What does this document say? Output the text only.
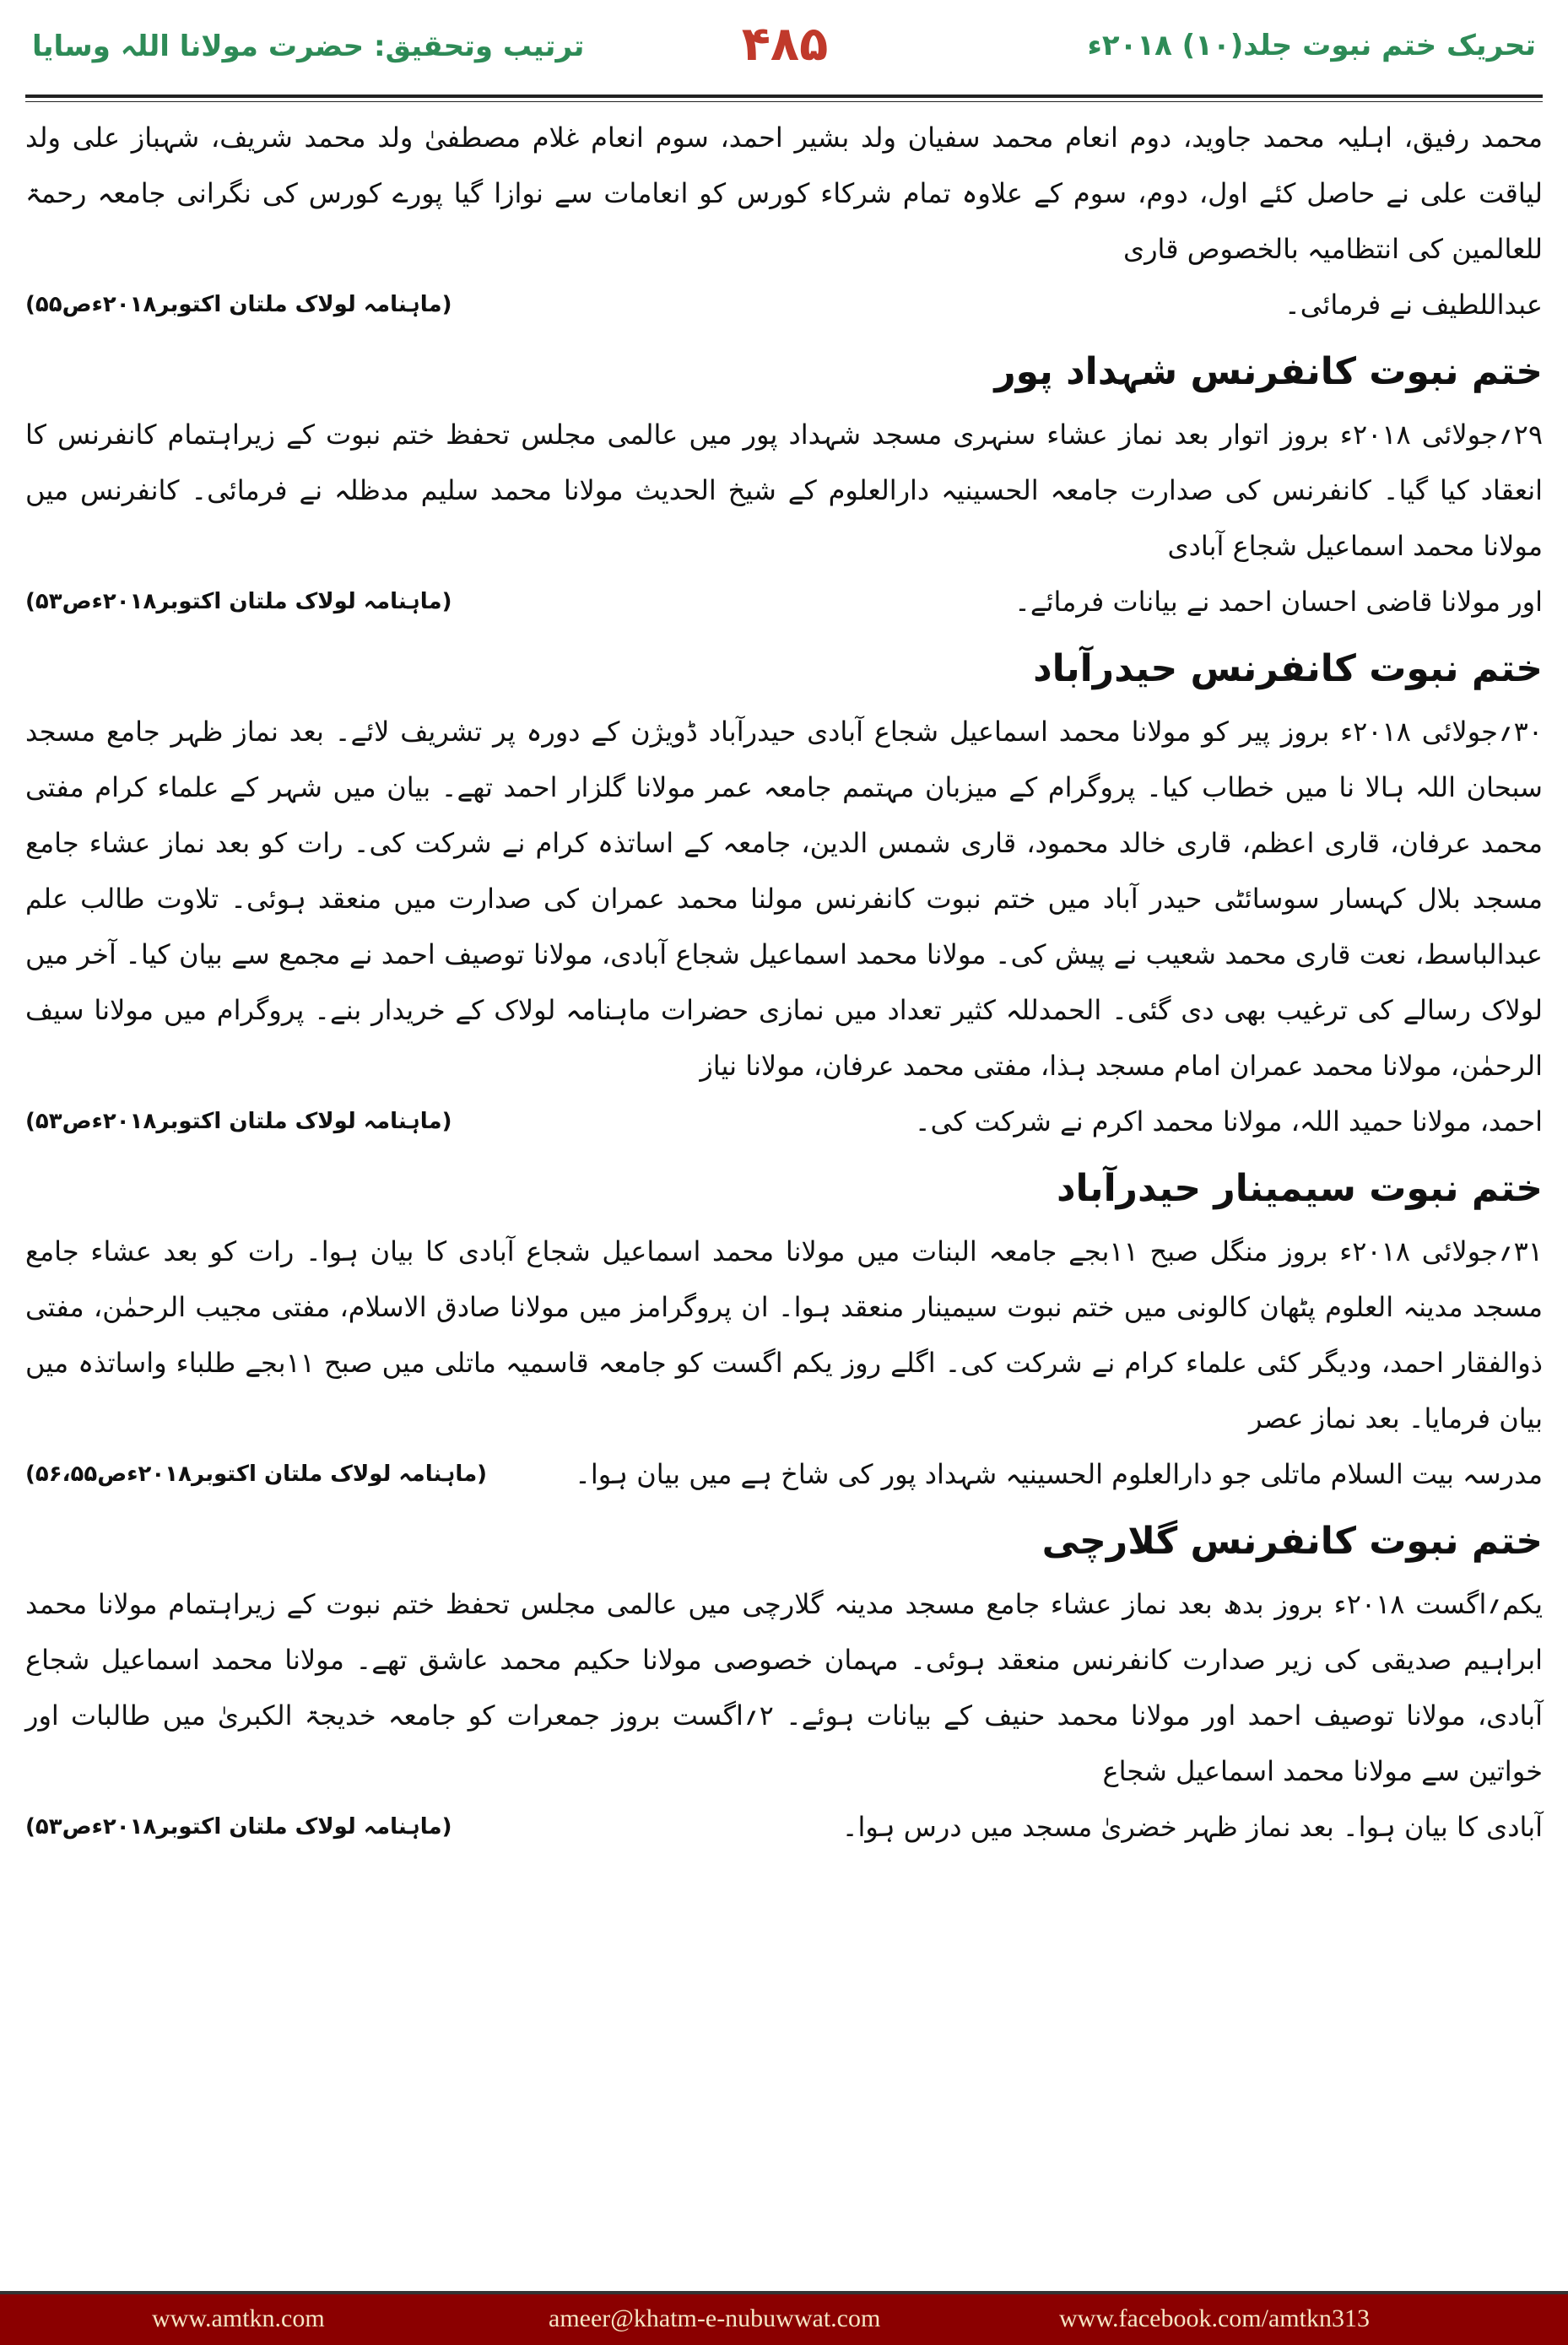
تحریک ختم نبوت جلد(۱۰) ۲۰۱۸ء
۴۸۵
ترتیب وتحقیق: حضرت مولانا اللہ وسایا

محمد رفیق، اہلیہ محمد جاوید، دوم انعام محمد سفیان ولد بشیر احمد، سوم انعام غلام مصطفیٰ ولد محمد شریف، شہباز علی ولد لیاقت علی نے حاصل کئے اول، دوم، سوم کے علاوہ تمام شرکاء کورس کو انعامات سے نوازا گیا پورے کورس کی نگرانی جامعہ رحمۃ للعالمین کی انتظامیہ بالخصوص قاری

عبداللطیف نے فرمائی۔
(ماہنامہ لولاک ملتان اکتوبر۲۰۱۸ءص۵۵)
ختم نبوت کانفرنس شہداد پور

۲۹؍جولائی ۲۰۱۸ء بروز اتوار بعد نماز عشاء سنہری مسجد شہداد پور میں عالمی مجلس تحفظ ختم نبوت کے زیراہتمام کانفرنس کا انعقاد کیا گیا۔ کانفرنس کی صدارت جامعہ الحسینیہ دارالعلوم کے شیخ الحدیث مولانا محمد سلیم مدظلہ نے فرمائی۔ کانفرنس میں مولانا محمد اسماعیل شجاع آبادی

اور مولانا قاضی احسان احمد نے بیانات فرمائے۔
(ماہنامہ لولاک ملتان اکتوبر۲۰۱۸ءص۵۳)
ختم نبوت کانفرنس حیدرآباد

۳۰؍جولائی ۲۰۱۸ء بروز پیر کو مولانا محمد اسماعیل شجاع آبادی حیدرآباد ڈویژن کے دورہ پر تشریف لائے۔ بعد نماز ظہر جامع مسجد سبحان اللہ ہالا نا میں خطاب کیا۔ پروگرام کے میزبان مہتمم جامعہ عمر مولانا گلزار احمد تھے۔ بیان میں شہر کے علماء کرام مفتی محمد عرفان، قاری اعظم، قاری خالد محمود، قاری شمس الدین، جامعہ کے اساتذہ کرام نے شرکت کی۔ رات کو بعد نماز عشاء جامع مسجد بلال کہسار سوسائٹی حیدر آباد میں ختم نبوت کانفرنس مولنا محمد عمران کی صدارت میں منعقد ہوئی۔ تلاوت طالب علم عبدالباسط، نعت قاری محمد شعیب نے پیش کی۔ مولانا محمد اسماعیل شجاع آبادی، مولانا توصیف احمد نے مجمع سے بیان کیا۔ آخر میں لولاک رسالے کی ترغیب بھی دی گئی۔ الحمدللہ کثیر تعداد میں نمازی حضرات ماہنامہ لولاک کے خریدار بنے۔ پروگرام میں مولانا سیف الرحمٰن، مولانا محمد عمران امام مسجد ہذا، مفتی محمد عرفان، مولانا نیاز

احمد، مولانا حمید اللہ، مولانا محمد اکرم نے شرکت کی۔
(ماہنامہ لولاک ملتان اکتوبر۲۰۱۸ءص۵۳)
ختم نبوت سیمینار حیدرآباد

۳۱؍جولائی ۲۰۱۸ء بروز منگل صبح ۱۱بجے جامعہ البنات میں مولانا محمد اسماعیل شجاع آبادی کا بیان ہوا۔ رات کو بعد عشاء جامع مسجد مدینہ العلوم پٹھان کالونی میں ختم نبوت سیمینار منعقد ہوا۔ ان پروگرامز میں مولانا صادق الاسلام، مفتی مجیب الرحمٰن، مفتی ذوالفقار احمد، ودیگر کئی علماء کرام نے شرکت کی۔ اگلے روز یکم اگست کو جامعہ قاسمیہ ماتلی میں صبح ۱۱بجے طلباء واساتذہ میں بیان فرمایا۔ بعد نماز عصر

مدرسہ بیت السلام ماتلی جو دارالعلوم الحسینیہ شہداد پور کی شاخ ہے میں بیان ہوا۔
(ماہنامہ لولاک ملتان اکتوبر۲۰۱۸ءص۵۶،۵۵)
ختم نبوت کانفرنس گلارچی

یکم؍اگست ۲۰۱۸ء بروز بدھ بعد نماز عشاء جامع مسجد مدینہ گلارچی میں عالمی مجلس تحفظ ختم نبوت کے زیراہتمام مولانا محمد ابراہیم صدیقی کی زیر صدارت کانفرنس منعقد ہوئی۔ مہمان خصوصی مولانا حکیم محمد عاشق تھے۔ مولانا محمد اسماعیل شجاع آبادی، مولانا توصیف احمد اور مولانا محمد حنیف کے بیانات ہوئے۔ ۲؍اگست بروز جمعرات کو جامعہ خدیجۃ الکبریٰ میں طالبات اور خواتین سے مولانا محمد اسماعیل شجاع

آبادی کا بیان ہوا۔ بعد نماز ظہر خضریٰ مسجد میں درس ہوا۔
(ماہنامہ لولاک ملتان اکتوبر۲۰۱۸ءص۵۳)
www.amtkn.com	ameer@khatm-e-nubuwwat.com	www.facebook.com/amtkn313
